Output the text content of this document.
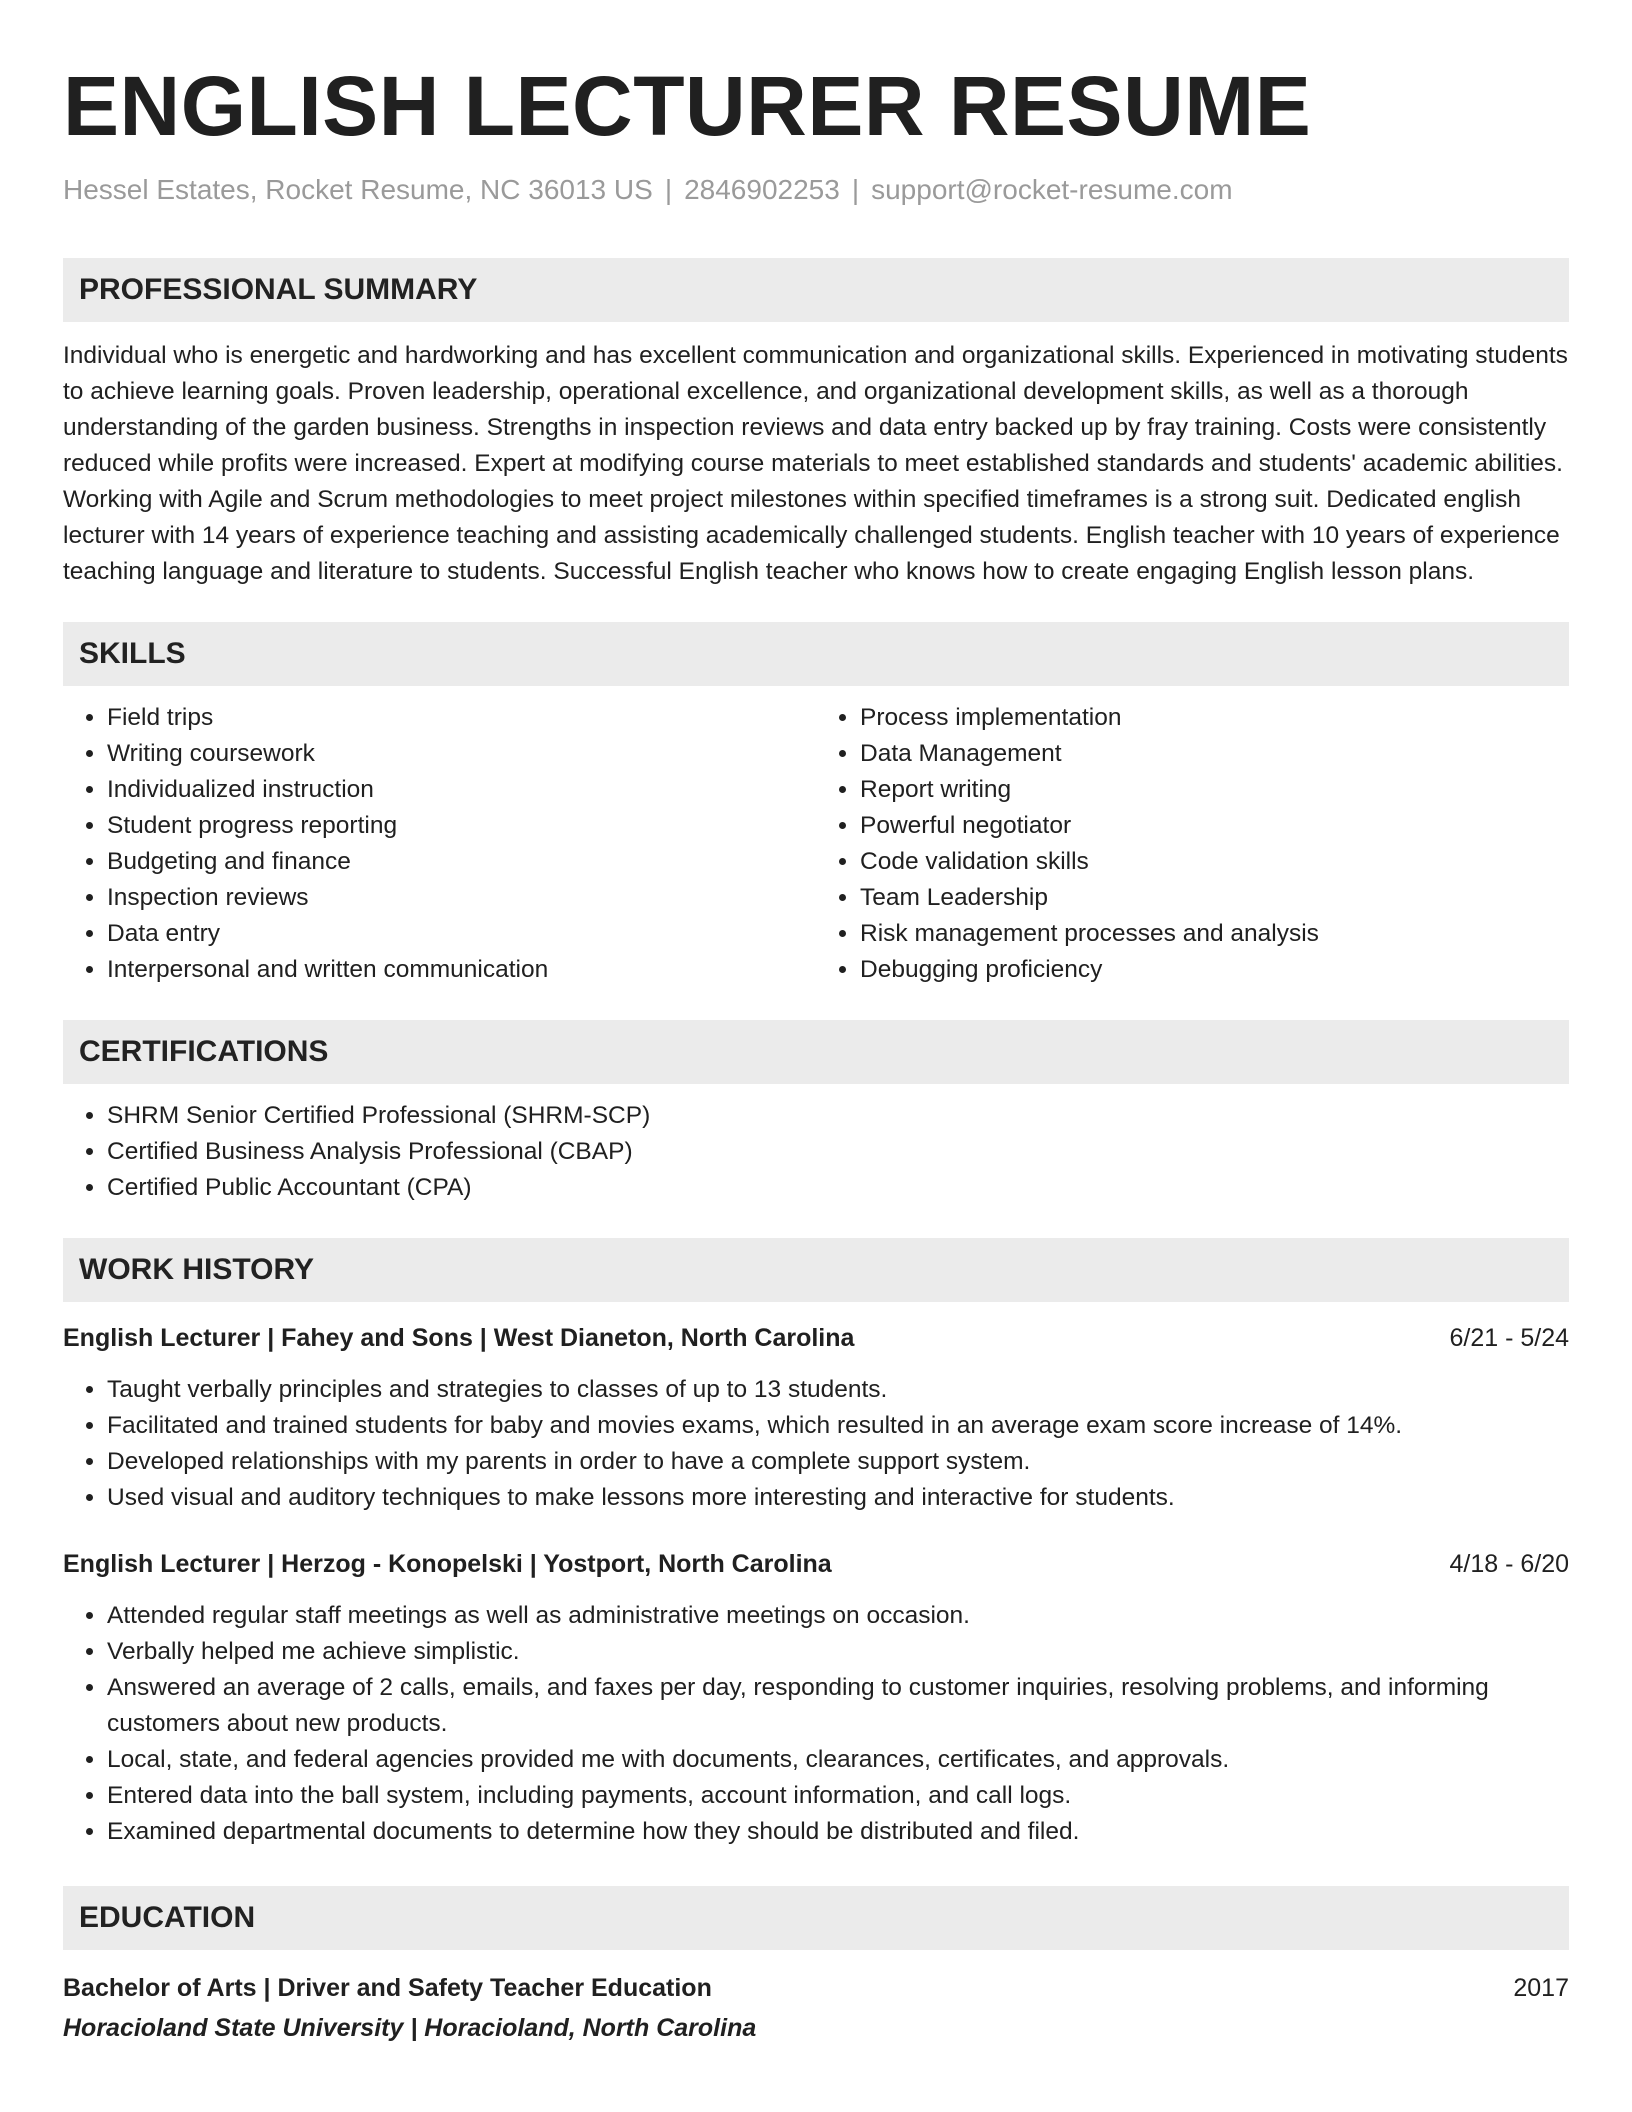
ENGLISH LECTURER RESUME
Hessel Estates, Rocket Resume, NC 36013 US | 2846902253 | support@rocket-resume.com
PROFESSIONAL SUMMARY

Individual who is energetic and hardworking and has excellent communication and organizational skills. Experienced in motivating students to achieve learning goals. Proven leadership, operational excellence, and organizational development skills, as well as a thorough understanding of the garden business. Strengths in inspection reviews and data entry backed up by fray training. Costs were consistently reduced while profits were increased. Expert at modifying course materials to meet established standards and students' academic abilities. Working with Agile and Scrum methodologies to meet project milestones within specified timeframes is a strong suit. Dedicated english lecturer with 14 years of experience teaching and assisting academically challenged students. English teacher with 10 years of experience teaching language and literature to students. Successful English teacher who knows how to create engaging English lesson plans.

SKILLS
• Field trips
• Writing coursework
• Individualized instruction
• Student progress reporting
• Budgeting and finance
• Inspection reviews
• Data entry
• Interpersonal and written communication
• Process implementation
• Data Management
• Report writing
• Powerful negotiator
• Code validation skills
• Team Leadership
• Risk management processes and analysis
• Debugging proficiency
CERTIFICATIONS
• SHRM Senior Certified Professional (SHRM-SCP)
• Certified Business Analysis Professional (CBAP)
• Certified Public Accountant (CPA)
WORK HISTORY
English Lecturer | Fahey and Sons | West Dianeton, North Carolina	6/21 - 5/24
• Taught verbally principles and strategies to classes of up to 13 students.
• Facilitated and trained students for baby and movies exams, which resulted in an average exam score increase of 14%.
• Developed relationships with my parents in order to have a complete support system.
• Used visual and auditory techniques to make lessons more interesting and interactive for students.
English Lecturer | Herzog - Konopelski | Yostport, North Carolina	4/18 - 6/20
• Attended regular staff meetings as well as administrative meetings on occasion.
• Verbally helped me achieve simplistic.
• Answered an average of 2 calls, emails, and faxes per day, responding to customer inquiries, resolving problems, and informing customers about new products.
• Local, state, and federal agencies provided me with documents, clearances, certificates, and approvals.
• Entered data into the ball system, including payments, account information, and call logs.
• Examined departmental documents to determine how they should be distributed and filed.
EDUCATION
Bachelor of Arts | Driver and Safety Teacher Education	2017
Horacioland State University | Horacioland, North Carolina
